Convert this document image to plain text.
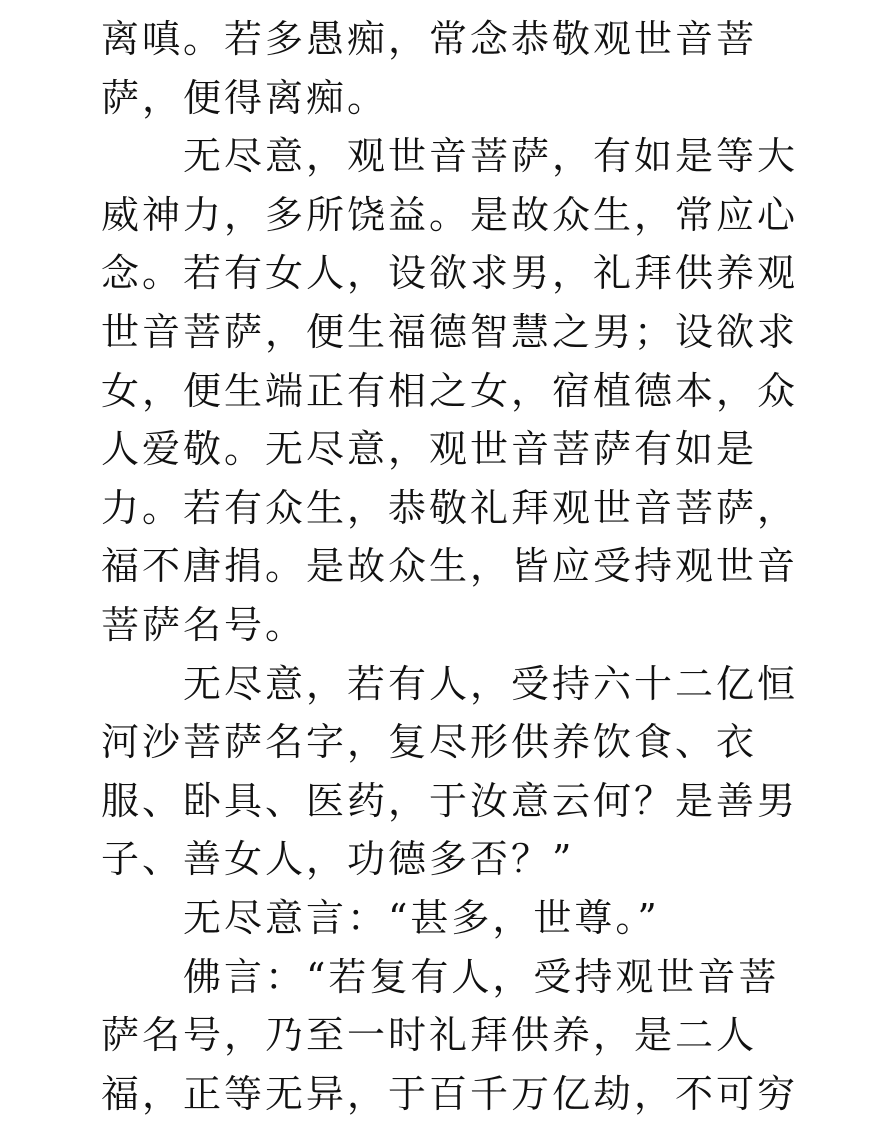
离嗔。若多愚痴，常念恭敬观世音菩
萨，便得离痴。
无尽意，观世音菩萨，有如是等大
威神力，多所饶益。是故众生，常应心
念。若有女人，设欲求男，礼拜供养观
世音菩萨，便生福德智慧之男；设欲求
女，便生端正有相之女，宿植德本，众
人爱敬。无尽意，观世音菩萨有如是
力。若有众生，恭敬礼拜观世音菩萨，
福不唐捐。是故众生，皆应受持观世音
菩萨名号。
无尽意，若有人，受持六十二亿恒
河沙菩萨名字，复尽形供养饮食、衣
服、卧具、医药，于汝意云何？是善男
子、善女人，功德多否？”
无尽意言：“甚多，世尊。”
佛言：“若复有人，受持观世音菩
萨名号，乃至一时礼拜供养，是二人
福，正等无异，于百千万亿劫，不可穷
